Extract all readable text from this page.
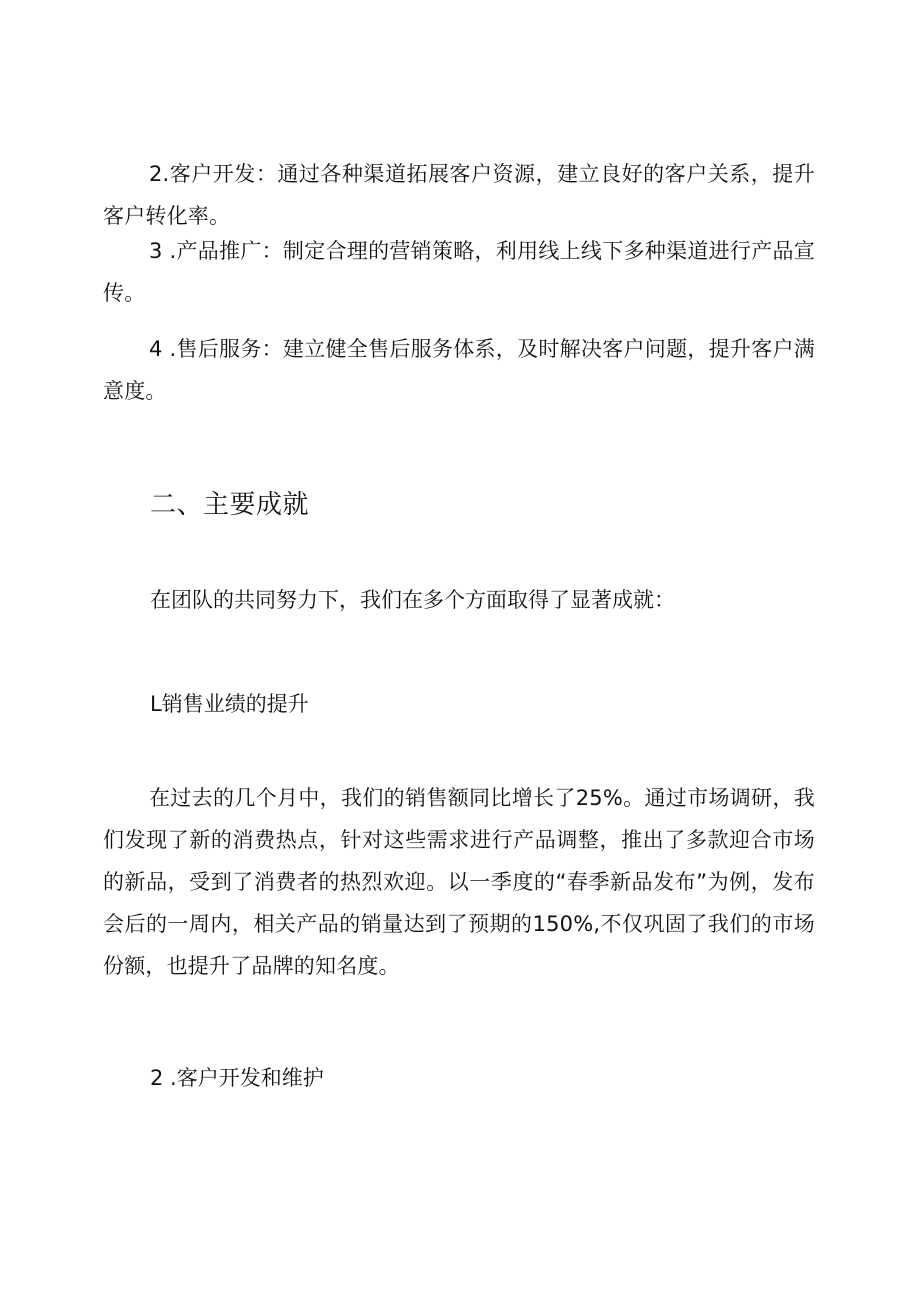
2.客户开发：通过各种渠道拓展客户资源，建立良好的客户关系，提升客户转化率。

3 .产品推广：制定合理的营销策略，利用线上线下多种渠道进行产品宣传。

4 .售后服务：建立健全售后服务体系，及时解决客户问题，提升客户满意度。

二、主要成就

在团队的共同努力下，我们在多个方面取得了显著成就：

L销售业绩的提升

在过去的几个月中，我们的销售额同比增长了25%。通过市场调研，我们发现了新的消费热点，针对这些需求进行产品调整，推出了多款迎合市场的新品，受到了消费者的热烈欢迎。以一季度的“春季新品发布”为例，发布会后的一周内，相关产品的销量达到了预期的150%,不仅巩固了我们的市场份额，也提升了品牌的知名度。

2 .客户开发和维护
